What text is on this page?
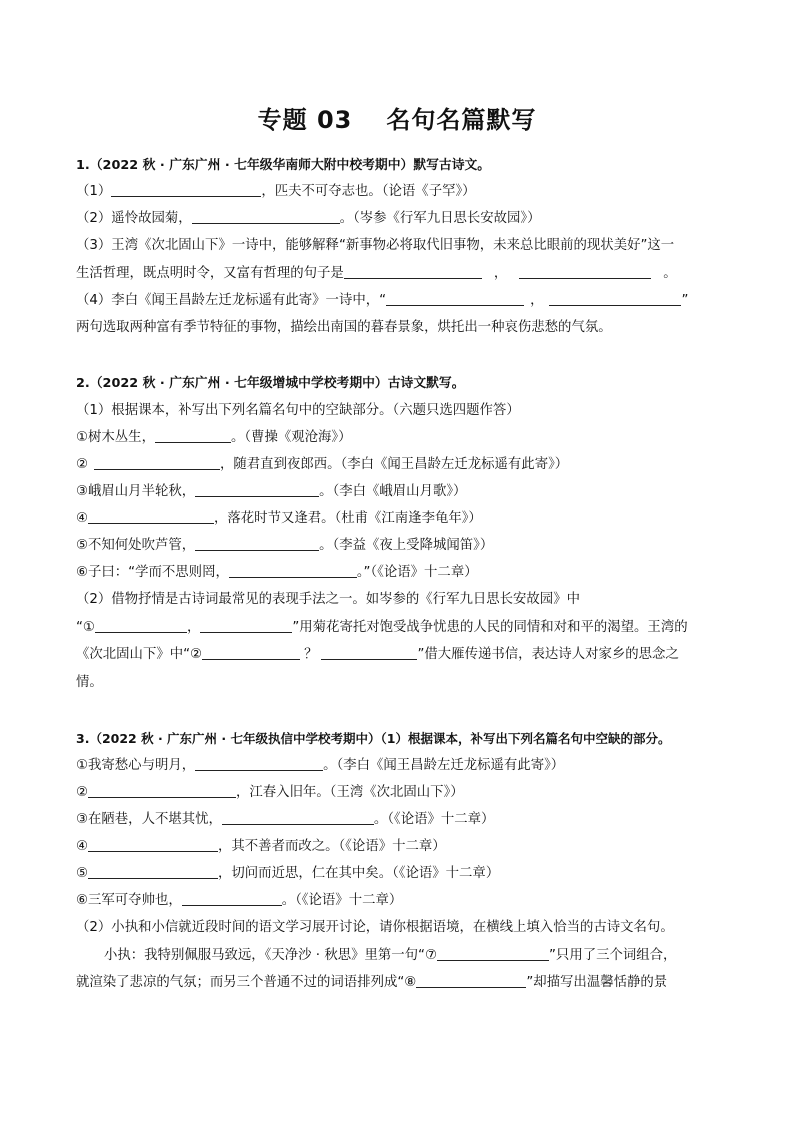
专题 03 名句名篇默写
1.（2022 秋 · 广东广州 · 七年级华南师大附中校考期中）默写古诗文。
（1）	，匹夫不可夺志也。（论语《子罕》）
（2）遥怜故园菊，	。（岑参《行军九日思长安故园》）
（3）王湾《次北固山下》一诗中，能够解释“新事物必将取代旧事物，未来总比眼前的现状美好”这一
生活哲理，既点明时令，又富有哲理的句子是	，	。
（4）李白《闻王昌龄左迁龙标遥有此寄》一诗中，“	，	”
两句选取两种富有季节特征的事物，描绘出南国的暮春景象，烘托出一种哀伤悲愁的气氛。
2.（2022 秋 · 广东广州 · 七年级增城中学校考期中）古诗文默写。
（1）根据课本，补写出下列名篇名句中的空缺部分。（六题只选四题作答）
①树木丛生，	。（曹操《观沧海》）
②	，随君直到夜郎西。（李白《闻王昌龄左迁龙标遥有此寄》）
③峨眉山月半轮秋，	。（李白《峨眉山月歌》）
④	，落花时节又逢君。（杜甫《江南逢李龟年》）
⑤不知何处吹芦管，	。（李益《夜上受降城闻笛》）
⑥子曰：“学而不思则罔，	。”（《论语》十二章）
（2）借物抒情是古诗词最常见的表现手法之一。如岑参的《行军九日思长安故园》中
“①	，	”用菊花寄托对饱受战争忧患的人民的同情和对和平的渴望。王湾的
《次北固山下》中“②	？	”借大雁传递书信，表达诗人对家乡的思念之
情。
3.（2022 秋 · 广东广州 · 七年级执信中学校考期中）（1）根据课本，补写出下列名篇名句中空缺的部分。
①我寄愁心与明月，	。（李白《闻王昌龄左迁龙标遥有此寄》）
②	，江春入旧年。（王湾《次北固山下》）
③在陋巷，人不堪其忧，	。（《论语》十二章）
④	，其不善者而改之。（《论语》十二章）
⑤	，切问而近思，仁在其中矣。（《论语》十二章）
⑥三军可夺帅也，	。（《论语》十二章）
（2）小执和小信就近段时间的语文学习展开讨论，请你根据语境，在横线上填入恰当的古诗文名句。
小执：我特别佩服马致远，《天净沙 · 秋思》里第一句“⑦	”只用了三个词组合，
就渲染了悲凉的气氛；而另三个普通不过的词语排列成“⑧	”却描写出温馨恬静的景
